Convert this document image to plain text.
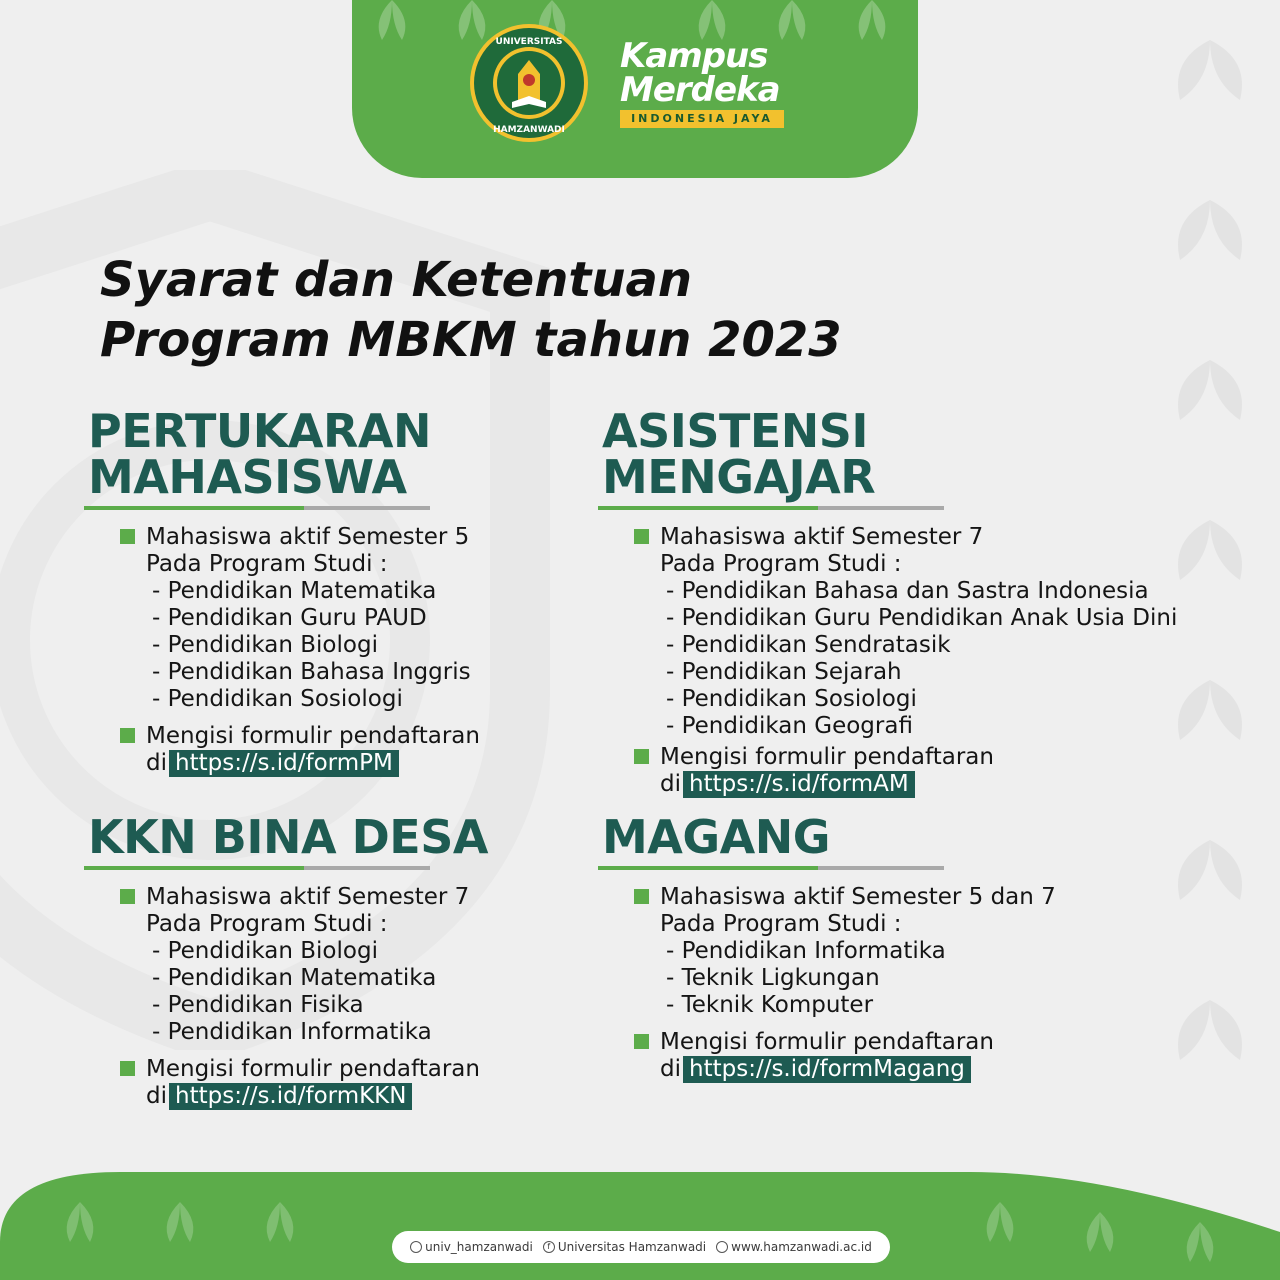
UNIVERSITAS
HAMZANWADI
Kampus
Merdeka
INDONESIA JAYA
Syarat dan Ketentuan
Program MBKM tahun 2023
PERTUKARAN
MAHASISWA
Mahasiswa aktif Semester 5
Pada Program Studi :
- Pendidikan Matematika
- Pendidikan Guru PAUD
- Pendidikan Biologi
- Pendidikan Bahasa Inggris
- Pendidikan Sosiologi
Mengisi formulir pendaftaran
di https://s.id/formPM
ASISTENSI
MENGAJAR
Mahasiswa aktif Semester 7
Pada Program Studi :
- Pendidikan Bahasa dan Sastra Indonesia
- Pendidikan Guru Pendidikan Anak Usia Dini
- Pendidikan Sendratasik
- Pendidikan Sejarah
- Pendidikan Sosiologi
- Pendidikan Geografi
Mengisi formulir pendaftaran
di https://s.id/formAM
KKN BINA DESA
Mahasiswa aktif Semester 7
Pada Program Studi :
- Pendidikan Biologi
- Pendidikan Matematika
- Pendidikan Fisika
- Pendidikan Informatika
Mengisi formulir pendaftaran
di https://s.id/formKKN
MAGANG
Mahasiswa aktif Semester 5 dan 7
Pada Program Studi :
- Pendidikan Informatika
- Teknik Ligkungan
- Teknik Komputer
Mengisi formulir pendaftaran
di https://s.id/formMagang
univ_hamzanwadi	f Universitas Hamzanwadi www.hamzanwadi.ac.id
